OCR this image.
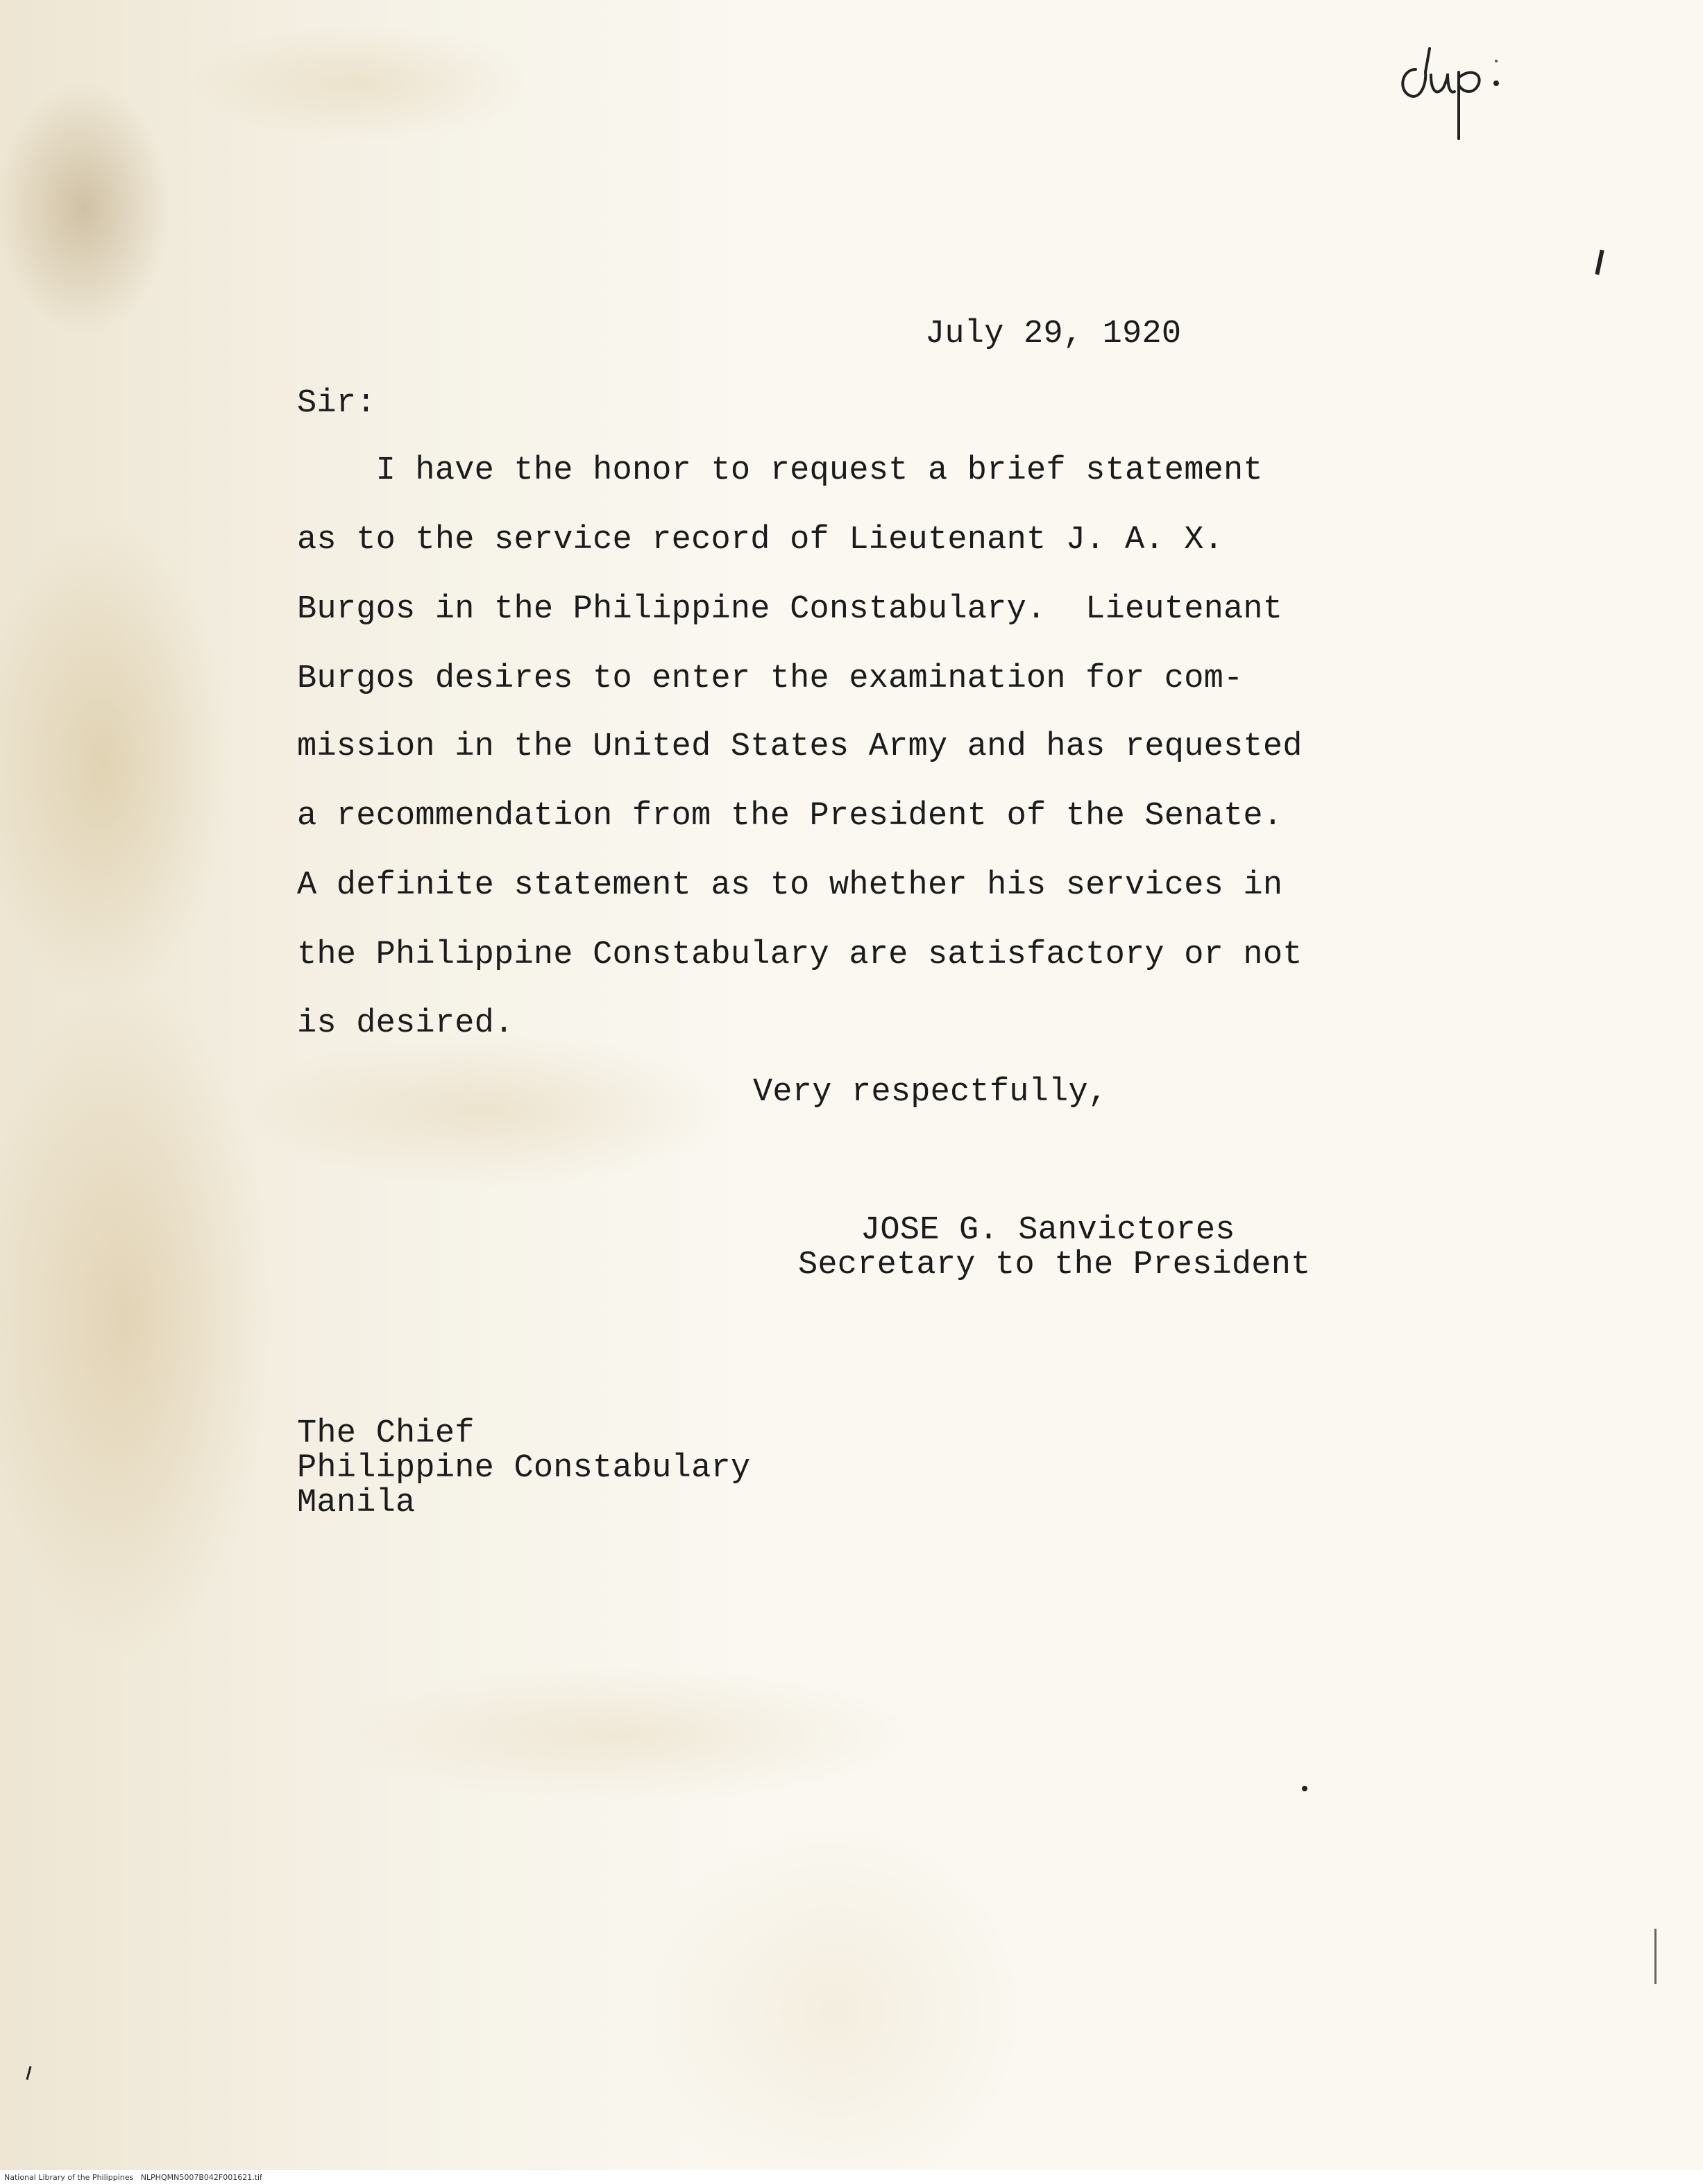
July 29, 1920
Sir:
I have the honor to request a brief statement
as to the service record of Lieutenant J. A. X.
Burgos in the Philippine Constabulary.  Lieutenant
Burgos desires to enter the examination for com-
mission in the United States Army and has requested
a recommendation from the President of the Senate.
A definite statement as to whether his services in
the Philippine Constabulary are satisfactory or not
is desired.
Very respectfully,
JOSE G. Sanvictores
Secretary to the President
The Chief
Philippine Constabulary
Manila
National Library of the Philippines   NLPHQMN5007B042F001621.tif
